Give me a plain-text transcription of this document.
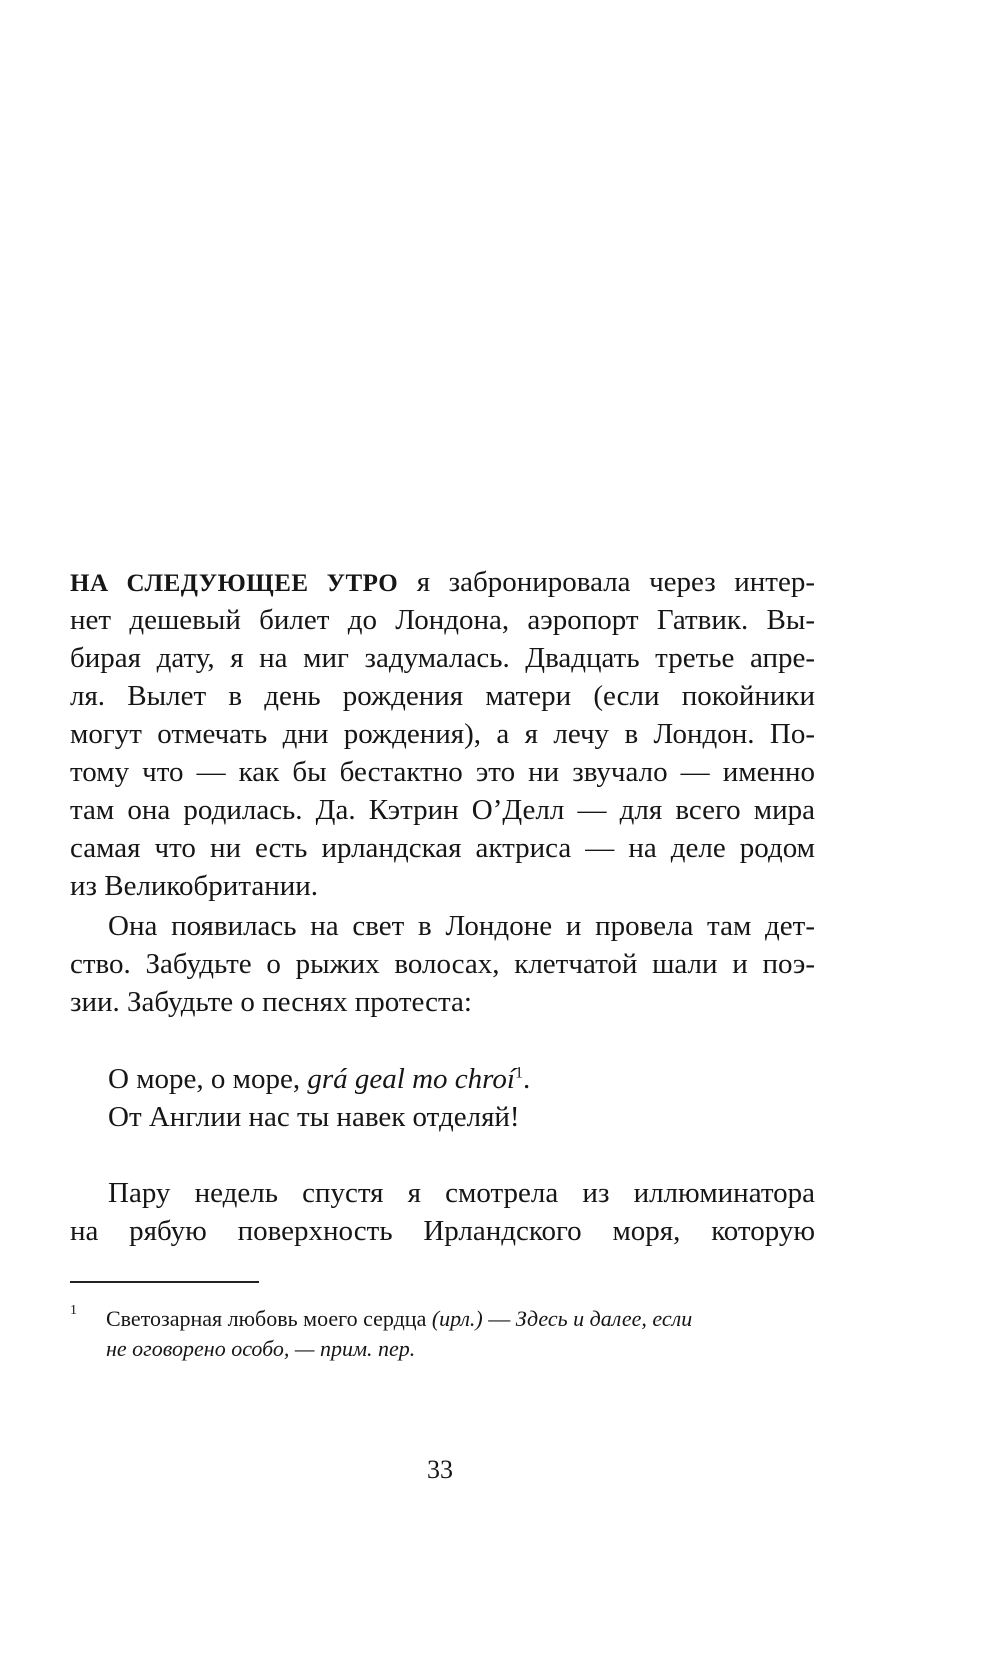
НА СЛЕДУЮЩЕЕ УТРО я забронировала через интер-
нет дешевый билет до Лондона, аэропорт Гатвик. Вы-
бирая дату, я на миг задумалась. Двадцать третье апре-
ля. Вылет в день рождения матери (если покойники
могут отмечать дни рождения), а я лечу в Лондон. По-
тому что — как бы бестактно это ни звучало — именно
там она родилась. Да. Кэтрин О’Делл — для всего мира
самая что ни есть ирландская актриса — на деле родом
из Великобритании.
Она появилась на свет в Лондоне и провела там дет-
ство. Забудьте о рыжих волосах, клетчатой шали и поэ-
зии. Забудьте о песнях протеста:
О море, о море, grá geal mo chroí$^1$.
От Англии нас ты навек отделяй!
Пару недель спустя я смотрела из иллюминатора
на рябую поверхность Ирландского моря, которую
1 Светозарная любовь моего сердца (ирл.) — Здесь и далее, если
не оговорено особо, — прим. пер.
33
